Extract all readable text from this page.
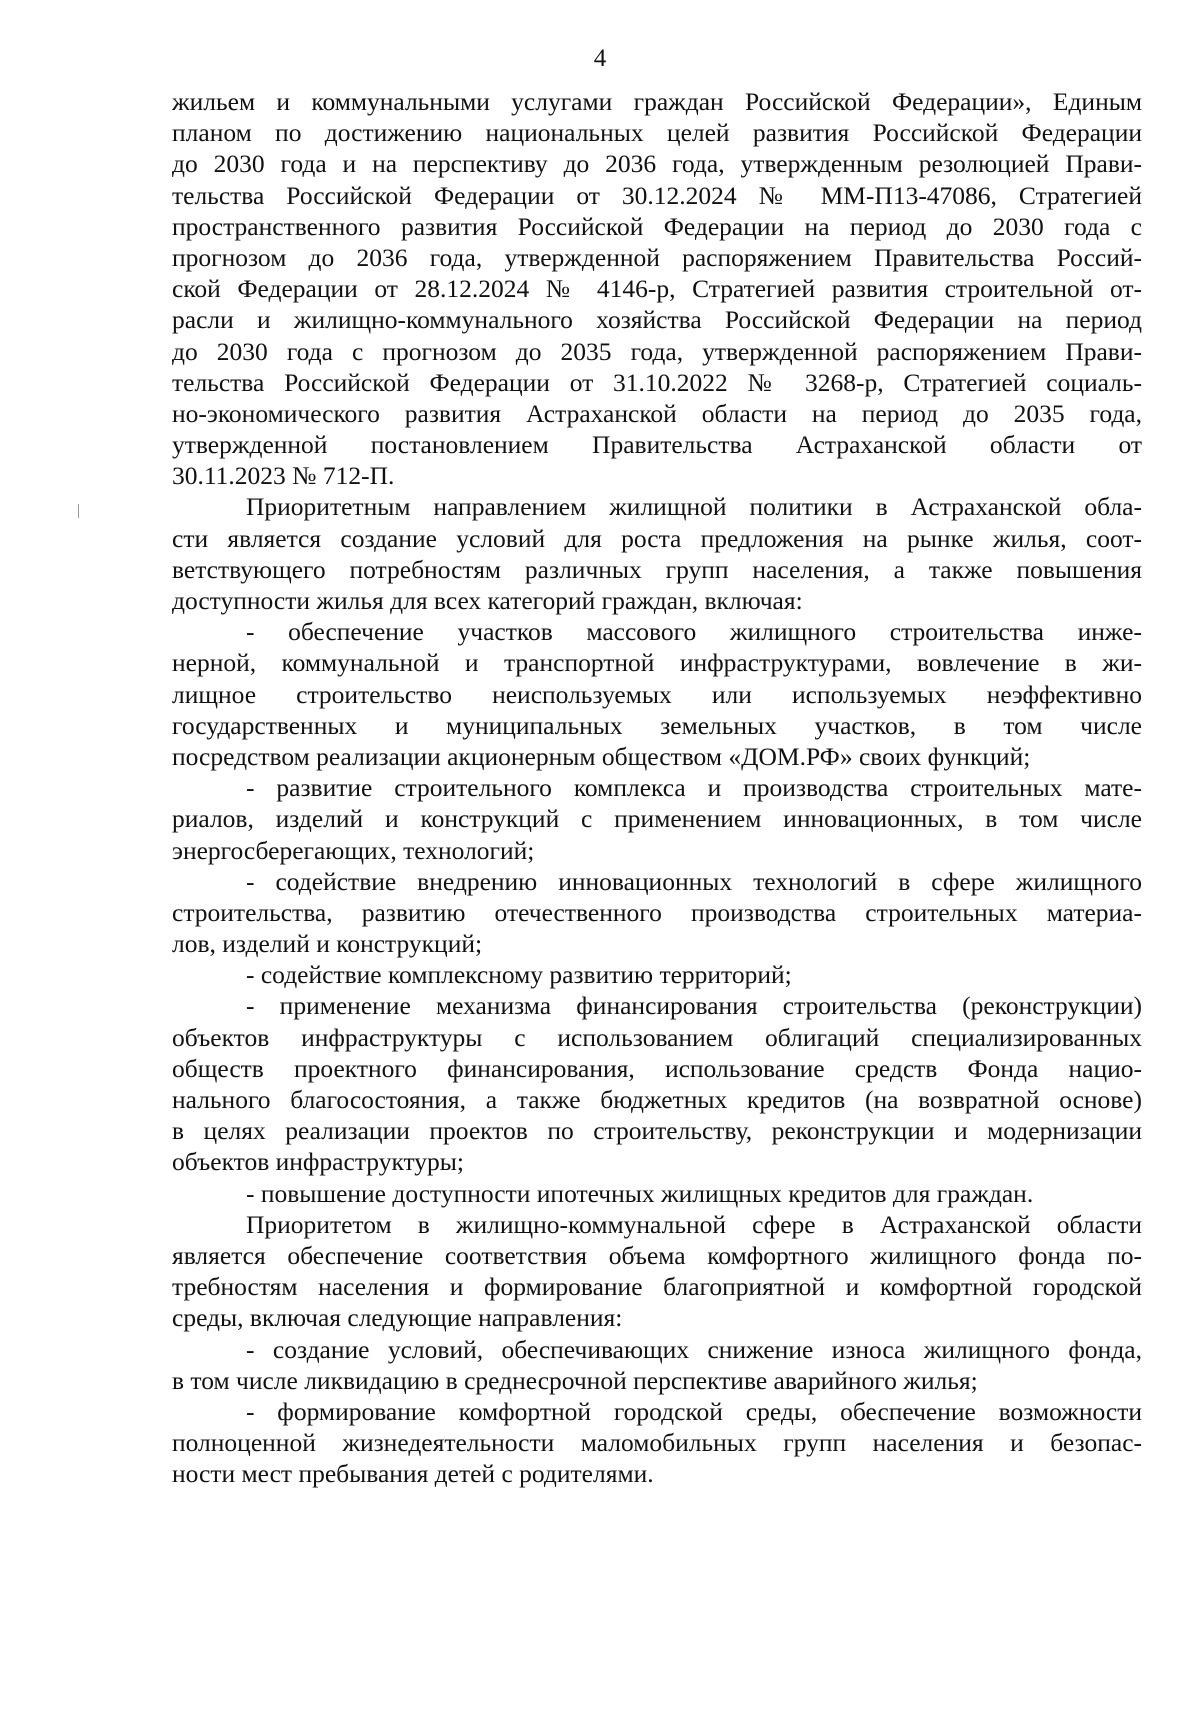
4
жильем и коммунальными услугами граждан Российской Федерации», Единым
планом по достижению национальных целей развития Российской Федерации
до 2030 года и на перспективу до 2036 года, утвержденным резолюцией Прави-
тельства Российской Федерации от 30.12.2024 № ММ-П13-47086, Стратегией
пространственного развития Российской Федерации на период до 2030 года с
прогнозом до 2036 года, утвержденной распоряжением Правительства Россий-
ской Федерации от 28.12.2024 № 4146-р, Стратегией развития строительной от-
расли и жилищно-коммунального хозяйства Российской Федерации на период
до 2030 года с прогнозом до 2035 года, утвержденной распоряжением Прави-
тельства Российской Федерации от 31.10.2022 № 3268-р, Стратегией социаль-
но-экономического развития Астраханской области на период до 2035 года,
утвержденной постановлением Правительства Астраханской области от
30.11.2023 № 712-П.
Приоритетным направлением жилищной политики в Астраханской обла-
сти является создание условий для роста предложения на рынке жилья, соот-
ветствующего потребностям различных групп населения, а также повышения
доступности жилья для всех категорий граждан, включая:
- обеспечение участков массового жилищного строительства инже-
нерной, коммунальной и транспортной инфраструктурами, вовлечение в жи-
лищное строительство неиспользуемых или используемых неэффективно
государственных и муниципальных земельных участков, в том числе
посредством реализации акционерным обществом «ДОМ.РФ» своих функций;
- развитие строительного комплекса и производства строительных мате-
риалов, изделий и конструкций с применением инновационных, в том числе
энергосберегающих, технологий;
- содействие внедрению инновационных технологий в сфере жилищного
строительства, развитию отечественного производства строительных материа-
лов, изделий и конструкций;
- содействие комплексному развитию территорий;
- применение механизма финансирования строительства (реконструкции)
объектов инфраструктуры с использованием облигаций специализированных
обществ проектного финансирования, использование средств Фонда нацио-
нального благосостояния, а также бюджетных кредитов (на возвратной основе)
в целях реализации проектов по строительству, реконструкции и модернизации
объектов инфраструктуры;
- повышение доступности ипотечных жилищных кредитов для граждан.
Приоритетом в жилищно-коммунальной сфере в Астраханской области
является обеспечение соответствия объема комфортного жилищного фонда по-
требностям населения и формирование благоприятной и комфортной городской
среды, включая следующие направления:
- создание условий, обеспечивающих снижение износа жилищного фонда,
в том числе ликвидацию в среднесрочной перспективе аварийного жилья;
- формирование комфортной городской среды, обеспечение возможности
полноценной жизнедеятельности маломобильных групп населения и безопас-
ности мест пребывания детей с родителями.
